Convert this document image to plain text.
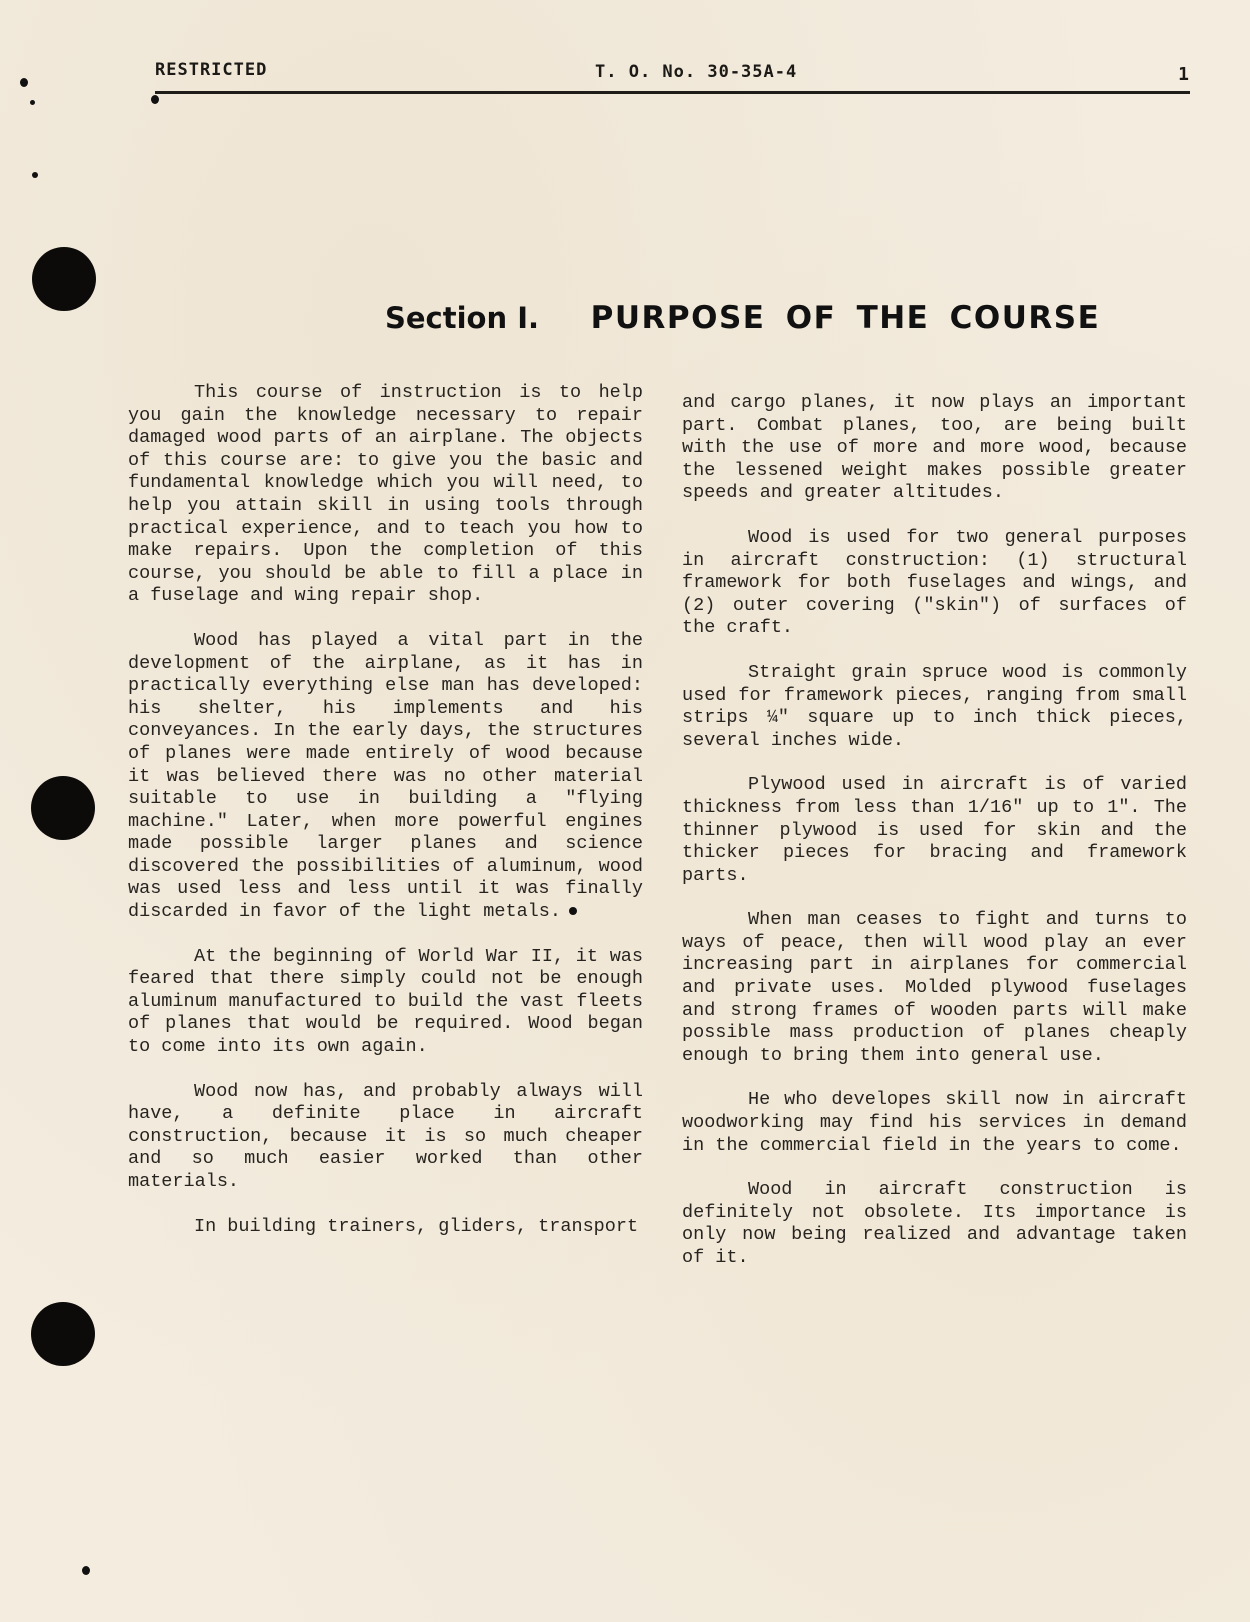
RESTRICTED	T. O. No. 30-35A-4	1
Section I. PURPOSE OF THE COURSE

This course of instruction is to help you gain the knowledge necessary to repair damaged wood parts of an airplane. The objects of this course are: to give you the basic and fundamental knowledge which you will need, to help you attain skill in using tools through practical experience, and to teach you how to make repairs. Upon the completion of this course, you should be able to fill a place in a fuselage and wing repair shop.

Wood has played a vital part in the development of the airplane, as it has in practically everything else man has developed: his shelter, his implements and his conveyances. In the early days, the structures of planes were made entirely of wood because it was believed there was no other material suitable to use in building a "flying machine." Later, when more powerful engines made possible larger planes and science discovered the possibilities of aluminum, wood was used less and less until it was finally discarded in favor of the light metals.

At the beginning of World War II, it was feared that there simply could not be enough aluminum manufactured to build the vast fleets of planes that would be required. Wood began to come into its own again.

Wood now has, and probably always will have, a definite place in aircraft construction, because it is so much cheaper and so much easier worked than other materials.

In building trainers, gliders, transport

and cargo planes, it now plays an important part. Combat planes, too, are being built with the use of more and more wood, because the lessened weight makes possible greater speeds and greater altitudes.

Wood is used for two general purposes in aircraft construction: (1) structural framework for both fuselages and wings, and (2) outer covering ("skin") of surfaces of the craft.

Straight grain spruce wood is commonly used for framework pieces, ranging from small strips ¼" square up to inch thick pieces, several inches wide.

Plywood used in aircraft is of varied thickness from less than 1/16" up to 1". The thinner plywood is used for skin and the thicker pieces for bracing and framework parts.

When man ceases to fight and turns to ways of peace, then will wood play an ever increasing part in airplanes for commercial and private uses. Molded plywood fuselages and strong frames of wooden parts will make possible mass production of planes cheaply enough to bring them into general use.

He who developes skill now in aircraft woodworking may find his services in demand in the commercial field in the years to come.

Wood in aircraft construction is definitely not obsolete. Its importance is only now being realized and advantage taken of it.
